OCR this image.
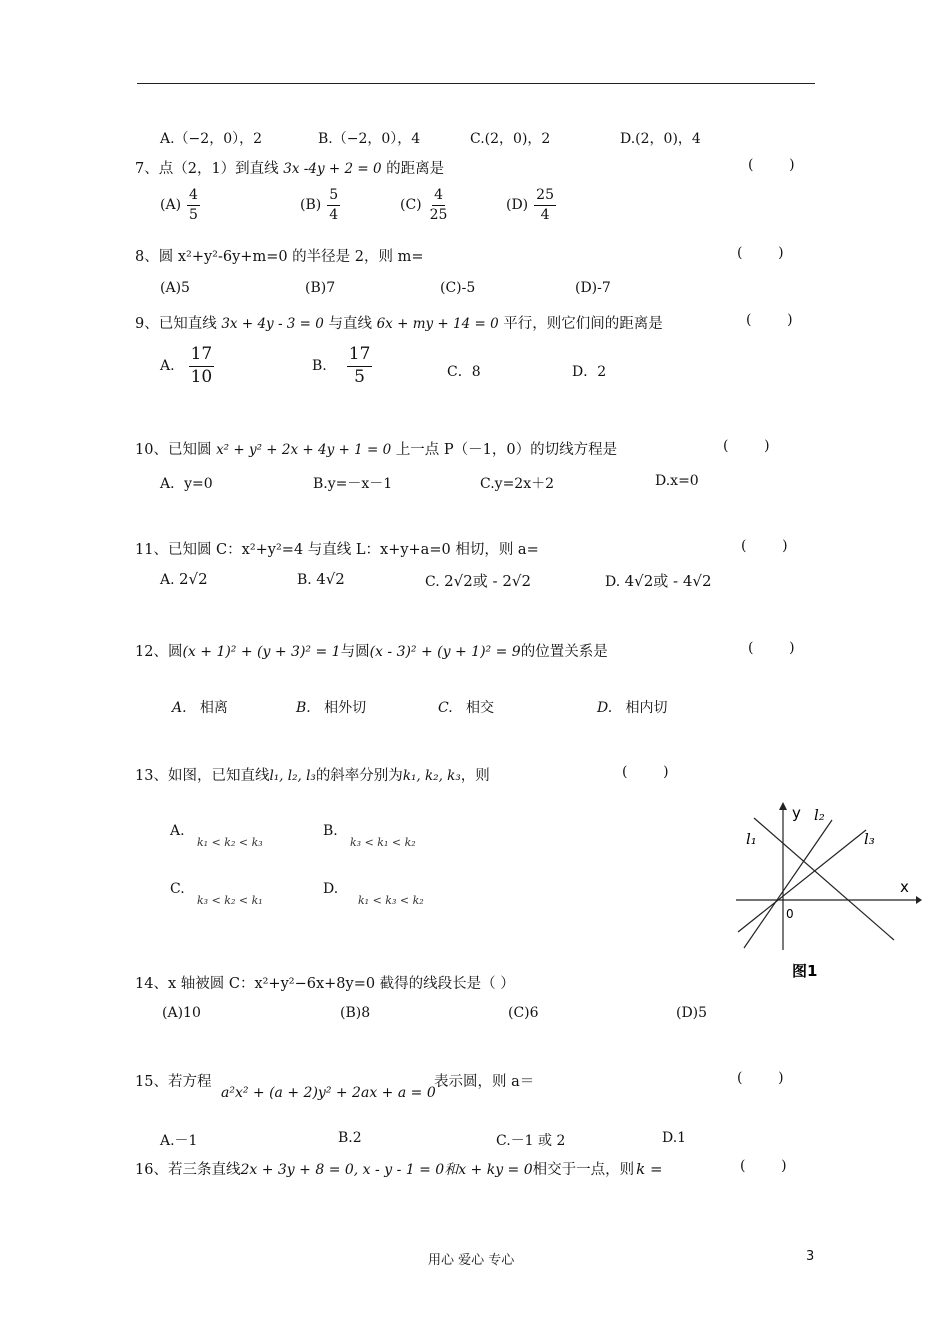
A.（−2，0），2	B.（−2，0），4	C.(2，0)，2	D.(2，0)，4
7、点（2，1）到直线 3x -4y + 2 = 0 的距离是	(        )
$(A) \frac{4}{5}$	$(B) \frac{5}{4}$	$(C) \frac{4}{25}$	$(D) \frac{25}{4}$
8、圆 x²+y²-6y+m=0 的半径是 2，则 m=	(        )
(A)5	(B)7	(C)-5	(D)-7
9、已知直线 3x + 4y - 3 = 0 与直线 6x + my + 14 = 0 平行，则它们间的距离是	(        )
A. $\frac{17}{10}$	B. $\frac{17}{5}$	C．8	D．2
10、已知圆 x² + y² + 2x + 4y + 1 = 0 上一点 P（－1，0）的切线方程是	(        )
A．y=0	B.y=－x－1	C.y=2x＋2	D.x=0
11、已知圆 C：x²+y²=4 与直线 L：x+y+a=0 相切，则 a=	(        )
A. 2√2	B. 4√2	C. 2√2或 - 2√2	D. 4√2或 - 4√2
12、圆(x + 1)² + (y + 3)² = 1与圆(x - 3)² + (y + 1)² = 9的位置关系是	(        )
A. 相离	B. 相外切	C. 相交	D. 相内切
13、如图，已知直线l₁, l₂, l₃的斜率分别为k₁, k₂, k₃，则	(        )
A.
k₁ < k₂ < k₃
B.
k₃ < k₁ < k₂
C.
k₃ < k₂ < k₁
D.
k₁ < k₃ < k₂
y
x
0
l₁
l₂
l₃
图1
14、x 轴被圆 C：x²+y²−6x+8y=0 截得的线段长是（ ）
(A)10	(B)8	(C)6	(D)5
15、若方程
a²x² + (a + 2)y² + 2ax + a = 0
表示圆，则 a＝	(        )
A.－1	B.2	C.－1 或 2	D.1
16、若三条直线2x + 3y + 8 = 0, x - y - 1 = 0和x + ky = 0相交于一点，则 k =	(        )
用心 爱心 专心	3
